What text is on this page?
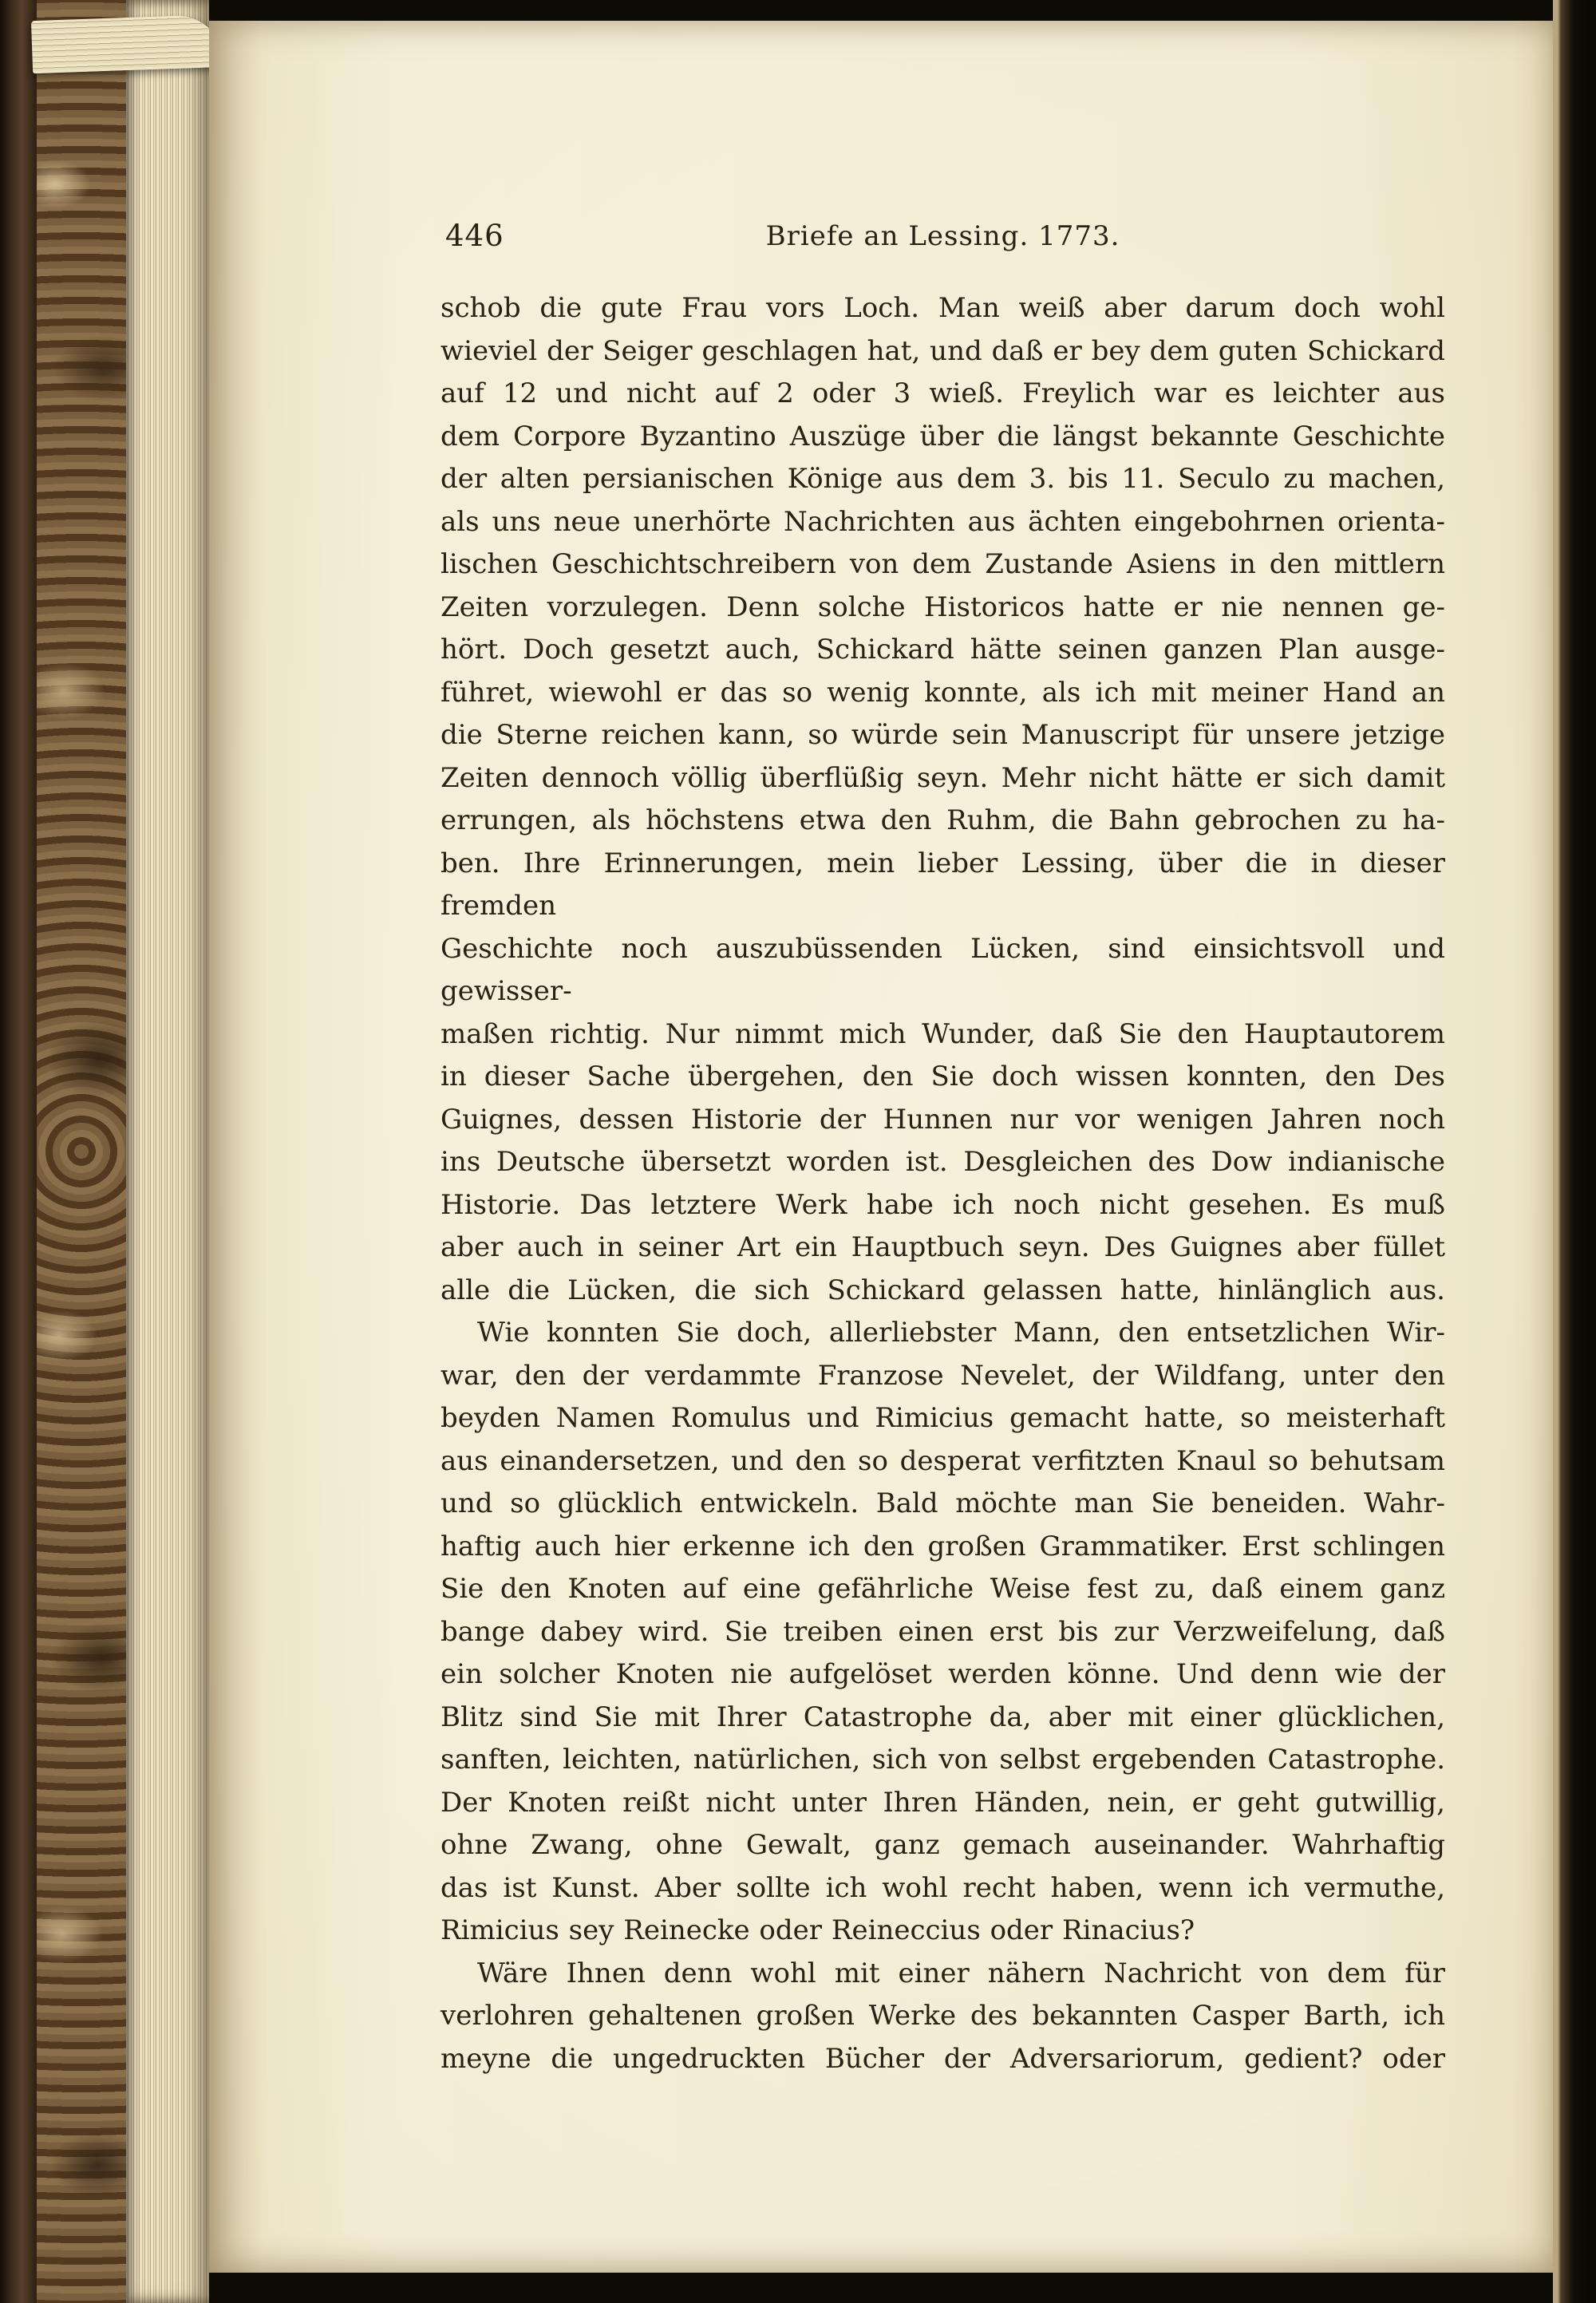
446	Briefe an Lessing. 1773.
schob die gute Frau vors Loch. Man weiß aber darum doch wohl
wieviel der Seiger geschlagen hat, und daß er bey dem guten Schickard
auf 12 und nicht auf 2 oder 3 wieß. Freylich war es leichter aus
dem Corpore Byzantino Auszüge über die längst bekannte Geschichte
der alten persianischen Könige aus dem 3. bis 11. Seculo zu machen,
als uns neue unerhörte Nachrichten aus ächten eingebohrnen orienta-
lischen Geschichtschreibern von dem Zustande Asiens in den mittlern
Zeiten vorzulegen. Denn solche Historicos hatte er nie nennen ge-
hört. Doch gesetzt auch, Schickard hätte seinen ganzen Plan ausge-
führet, wiewohl er das so wenig konnte, als ich mit meiner Hand an
die Sterne reichen kann, so würde sein Manuscript für unsere jetzige
Zeiten dennoch völlig überflüßig seyn. Mehr nicht hätte er sich damit
errungen, als höchstens etwa den Ruhm, die Bahn gebrochen zu ha-
ben. Ihre Erinnerungen, mein lieber Lessing, über die in dieser fremden
Geschichte noch auszubüssenden Lücken, sind einsichtsvoll und gewisser-
maßen richtig. Nur nimmt mich Wunder, daß Sie den Hauptautorem
in dieser Sache übergehen, den Sie doch wissen konnten, den Des
Guignes, dessen Historie der Hunnen nur vor wenigen Jahren noch
ins Deutsche übersetzt worden ist. Desgleichen des Dow indianische
Historie. Das letztere Werk habe ich noch nicht gesehen. Es muß
aber auch in seiner Art ein Hauptbuch seyn. Des Guignes aber füllet
alle die Lücken, die sich Schickard gelassen hatte, hinlänglich aus.
Wie konnten Sie doch, allerliebster Mann, den entsetzlichen Wir-
war, den der verdammte Franzose Nevelet, der Wildfang, unter den
beyden Namen Romulus und Rimicius gemacht hatte, so meisterhaft
aus einandersetzen, und den so desperat verfitzten Knaul so behutsam
und so glücklich entwickeln. Bald möchte man Sie beneiden. Wahr-
haftig auch hier erkenne ich den großen Grammatiker. Erst schlingen
Sie den Knoten auf eine gefährliche Weise fest zu, daß einem ganz
bange dabey wird. Sie treiben einen erst bis zur Verzweifelung, daß
ein solcher Knoten nie aufgelöset werden könne. Und denn wie der
Blitz sind Sie mit Ihrer Catastrophe da, aber mit einer glücklichen,
sanften, leichten, natürlichen, sich von selbst ergebenden Catastrophe.
Der Knoten reißt nicht unter Ihren Händen, nein, er geht gutwillig,
ohne Zwang, ohne Gewalt, ganz gemach auseinander. Wahrhaftig
das ist Kunst. Aber sollte ich wohl recht haben, wenn ich vermuthe,
Rimicius sey Reinecke oder Reineccius oder Rinacius?
Wäre Ihnen denn wohl mit einer nähern Nachricht von dem für
verlohren gehaltenen großen Werke des bekannten Casper Barth, ich
meyne die ungedruckten Bücher der Adversariorum, gedient? oder
